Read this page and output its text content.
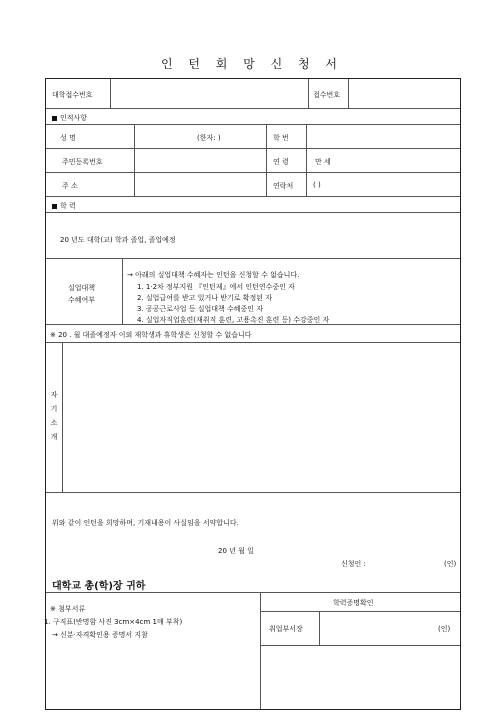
인 턴 회 망 신 청 서
대학접수번호	접수번호
인적사항
성 명	(한자: )	학 번
주민등록번호	연 령	만 세
주 소	연락처	( )
학 력
20 년도 대학(교) 학과 졸업, 졸업예정
실업대책
수혜여부
→ 아래의 실업대책 수혜자는 인턴을 신청할 수 없습니다.
1. 1·2차 정부지원 『인턴제』에서 인턴연수중인 자
2. 실업급여를 받고 있거나 받기로 확정된 자
3. 공공근로사업 등 실업대책 수혜중인 자
4. 실업자직업훈련(재취직 훈련, 고용촉진 훈련 등) 수강중인 자
※ 20 . 월 대졸예정자 이외 재학생과 휴학생은 신청할 수 없습니다
자
기
소
개
위와 같이 인턴을 희망하며, 기재내용이 사실임을 서약합니다.
20 년 월 일
신청인 :	(인)
대학교 총(학)장 귀하
※ 첨부서류
1. 구직표(반명함 사진 3cm×4cm 1매 부착)
→ 신분·자격확인용 증명서 지참
학력증명확인
취업부서장	(인)
